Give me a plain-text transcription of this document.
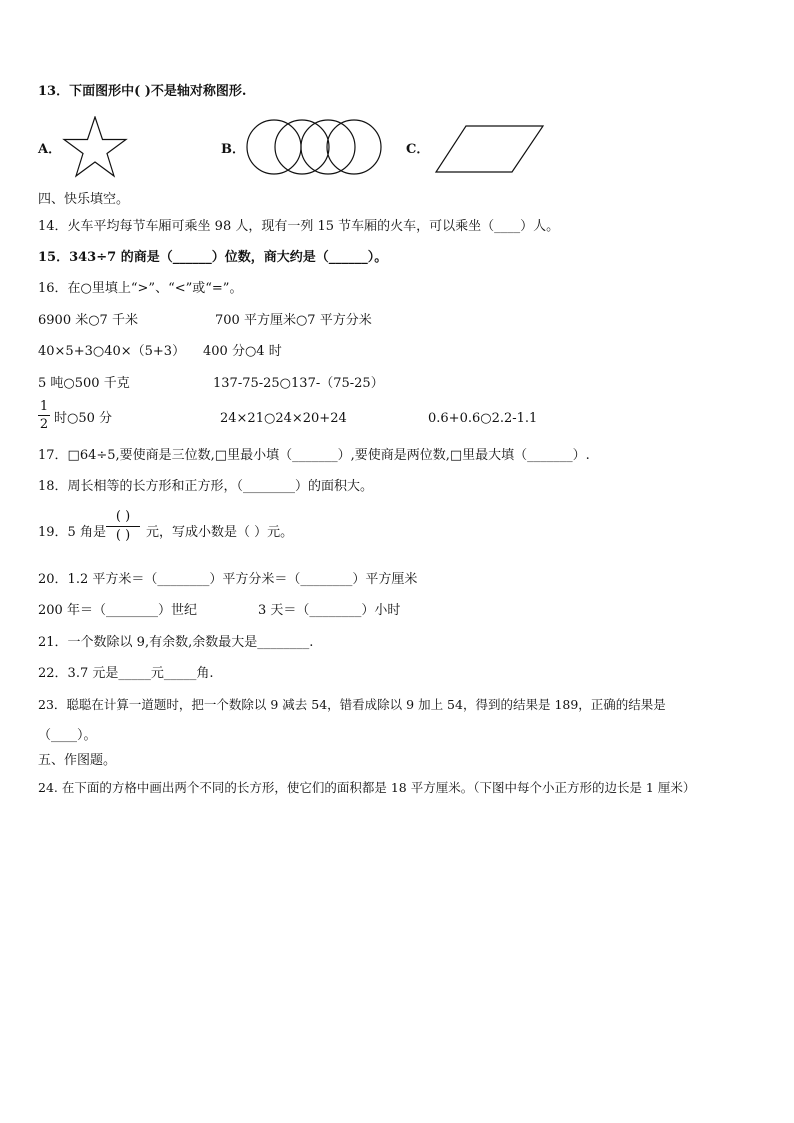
13．下面图形中( )不是轴对称图形.
A．	B．	C．
四、快乐填空。
14．火车平均每节车厢可乘坐 98 人，现有一列 15 节车厢的火车，可以乘坐（____）人。
15．343÷7 的商是（______）位数，商大约是（______）。
16．在○里填上“>”、“<”或“=”。
6900 米○7 千米	700 平方厘米○7 平方分米
40×5+3○40×（5+3） 400 分○4 时
5 吨○500 千克	137-75-25○137-（75-25）
1
2 时○50 分	24×21○24×20+24	0.6+0.6○2.2-1.1
17．□64÷5,要使商是三位数,□里最小填（_______）,要使商是两位数,□里最大填（_______）.
18．周长相等的长方形和正方形，（________）的面积大。
19．5 角是
( )
( ) 元，写成小数是（ ）元。
20．1.2 平方米＝（________）平方分米＝（________）平方厘米
200 年＝（________）世纪	3 天＝（________）小时
21．一个数除以 9,有余数,余数最大是________.
22．3.7 元是_____元_____角.
23．聪聪在计算一道题时，把一个数除以 9 减去 54，错看成除以 9 加上 54，得到的结果是 189，正确的结果是
（____）。
五、作图题。
24. 在下面的方格中画出两个不同的长方形，使它们的面积都是 18 平方厘米。（下图中每个小正方形的边长是 1 厘米）
